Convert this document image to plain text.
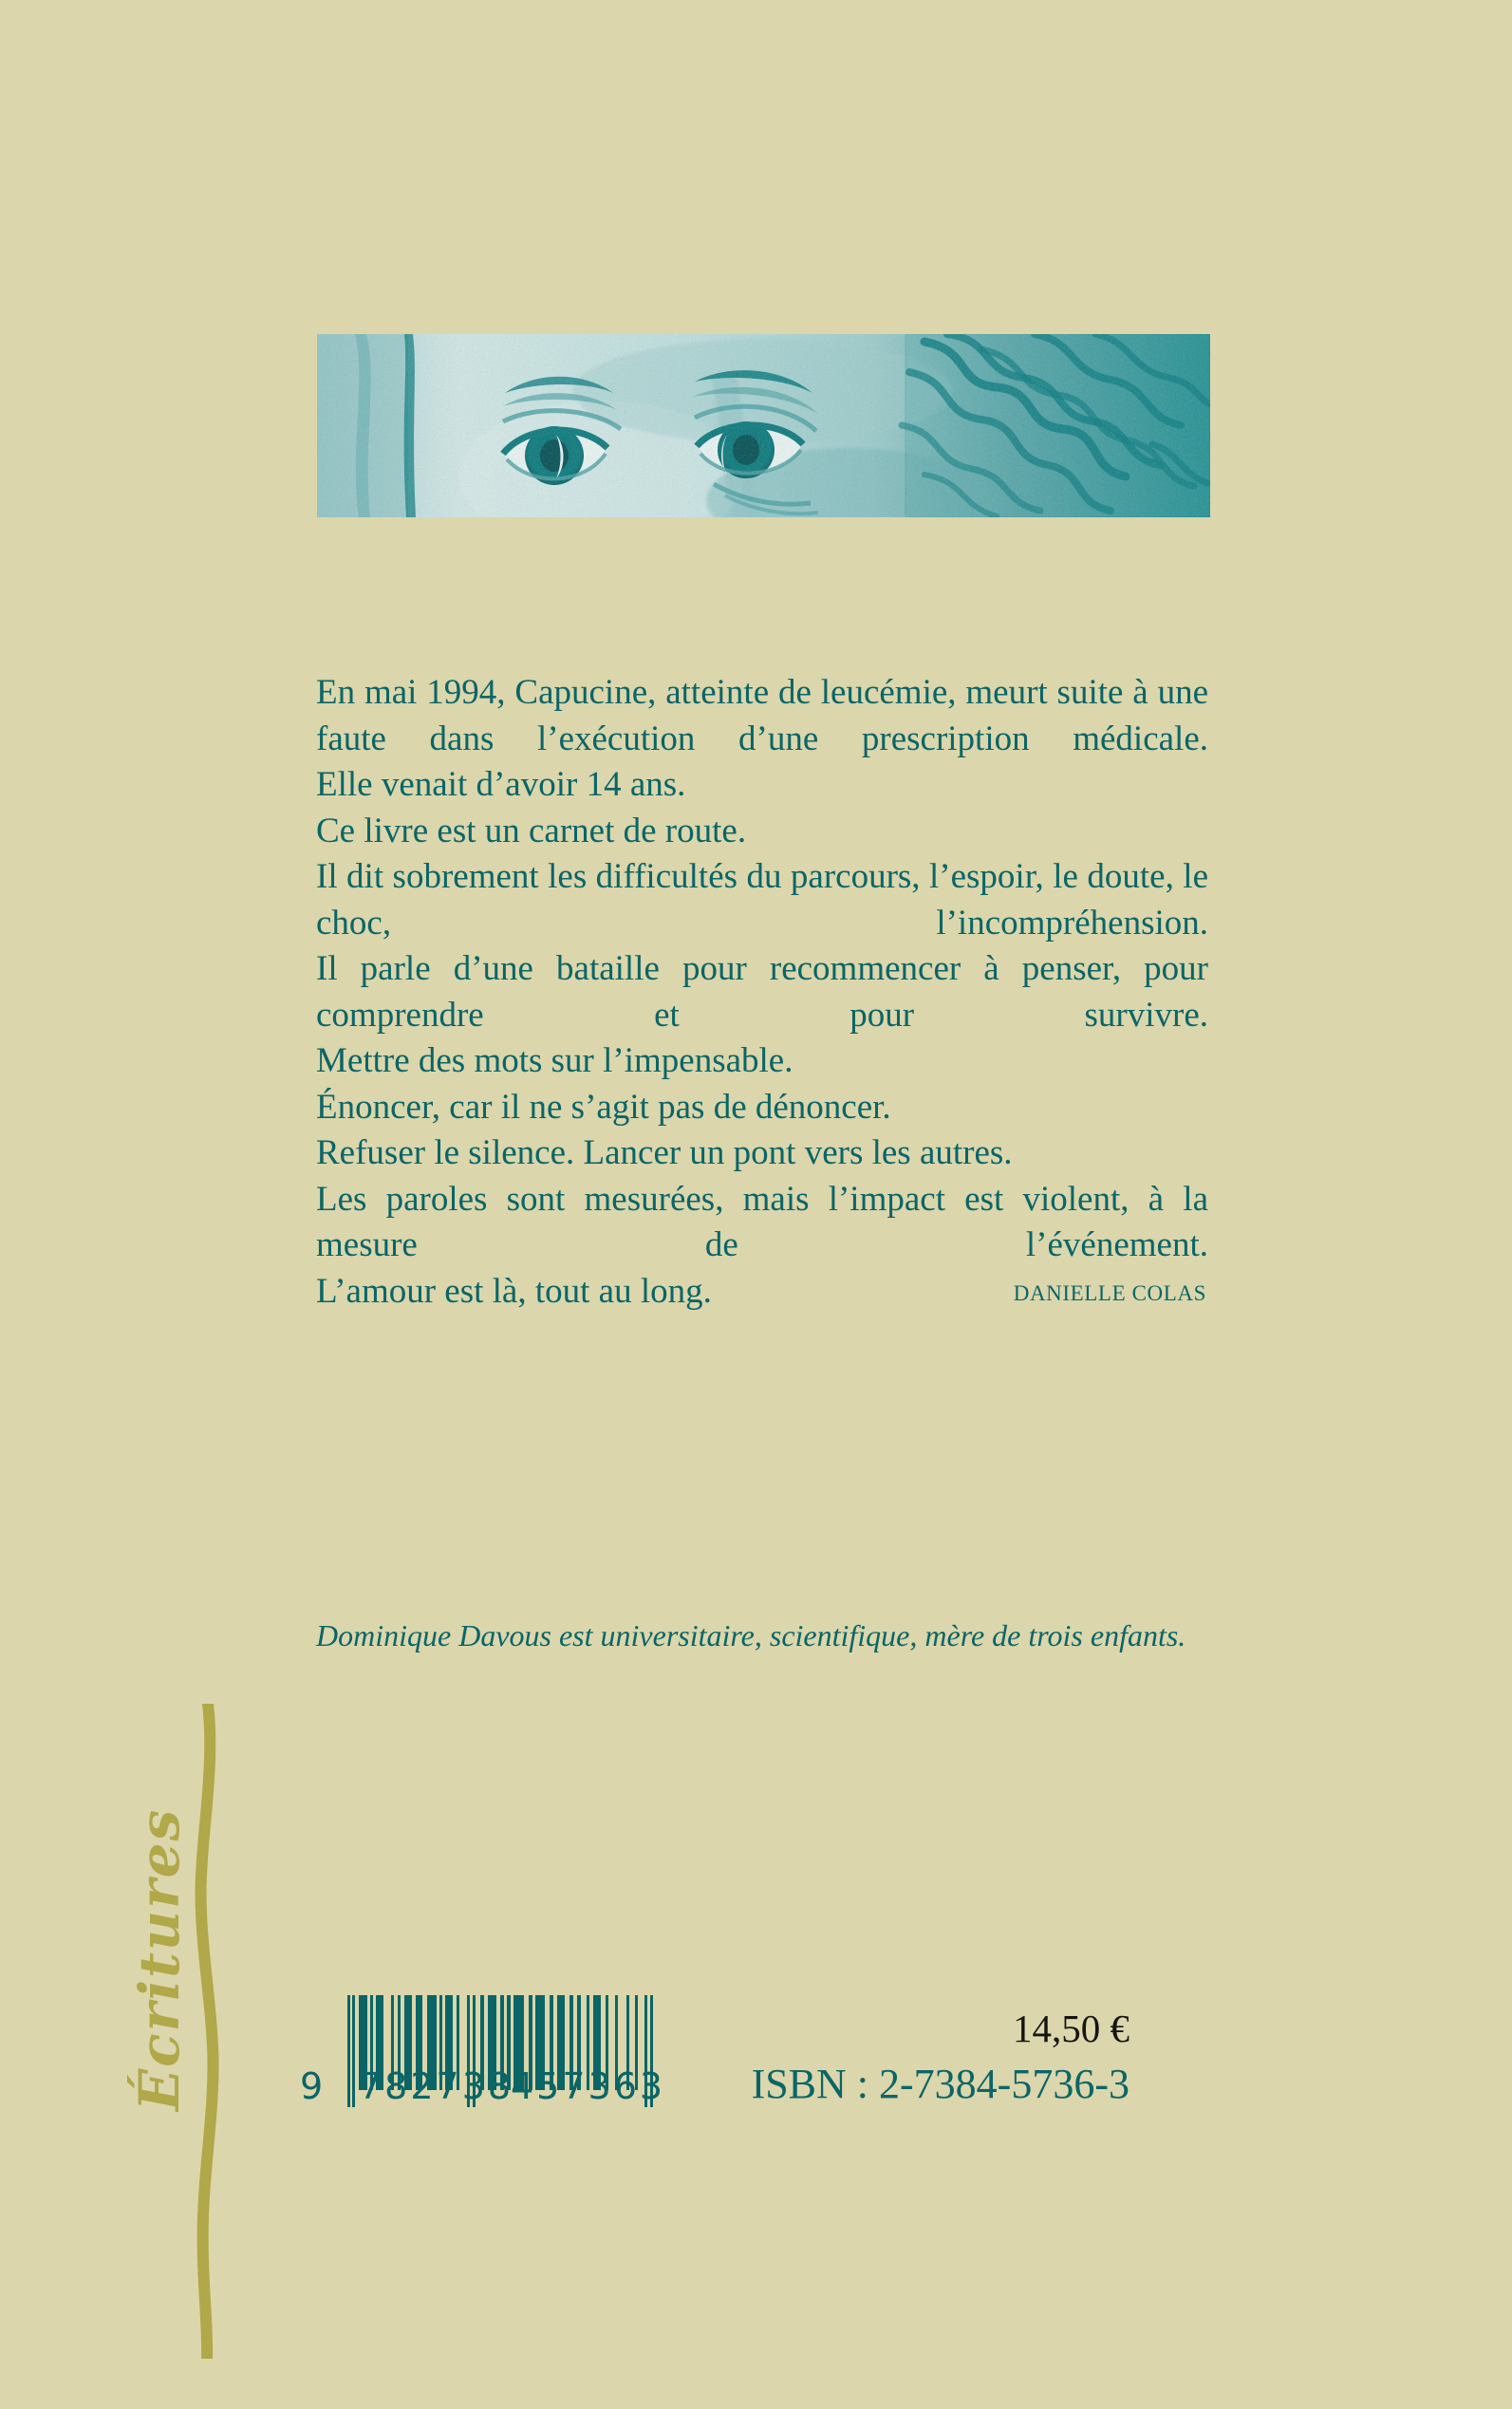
En mai 1994, Capucine, atteinte de leucémie, meurt suite à une faute dans l’exécution d’une prescription médicale.
Elle venait d’avoir 14 ans.
Ce livre est un carnet de route.
Il dit sobrement les difficultés du parcours, l’espoir, le doute, le choc, l’incompréhension.
Il parle d’une bataille pour recommencer à penser, pour comprendre et pour survivre.
Mettre des mots sur l’impensable.
Énoncer, car il ne s’agit pas de dénoncer.
Refuser le silence. Lancer un pont vers les autres.
Les paroles sont mesurées, mais l’impact est violent, à la mesure de l’événement.
L’amour est là, tout au long.	DANIELLE COLAS
Dominique Davous est universitaire, scientifique, mère de trois enfants.
Écritures	9 782738
457363
14,50 €
ISBN : 2-7384-5736-3
